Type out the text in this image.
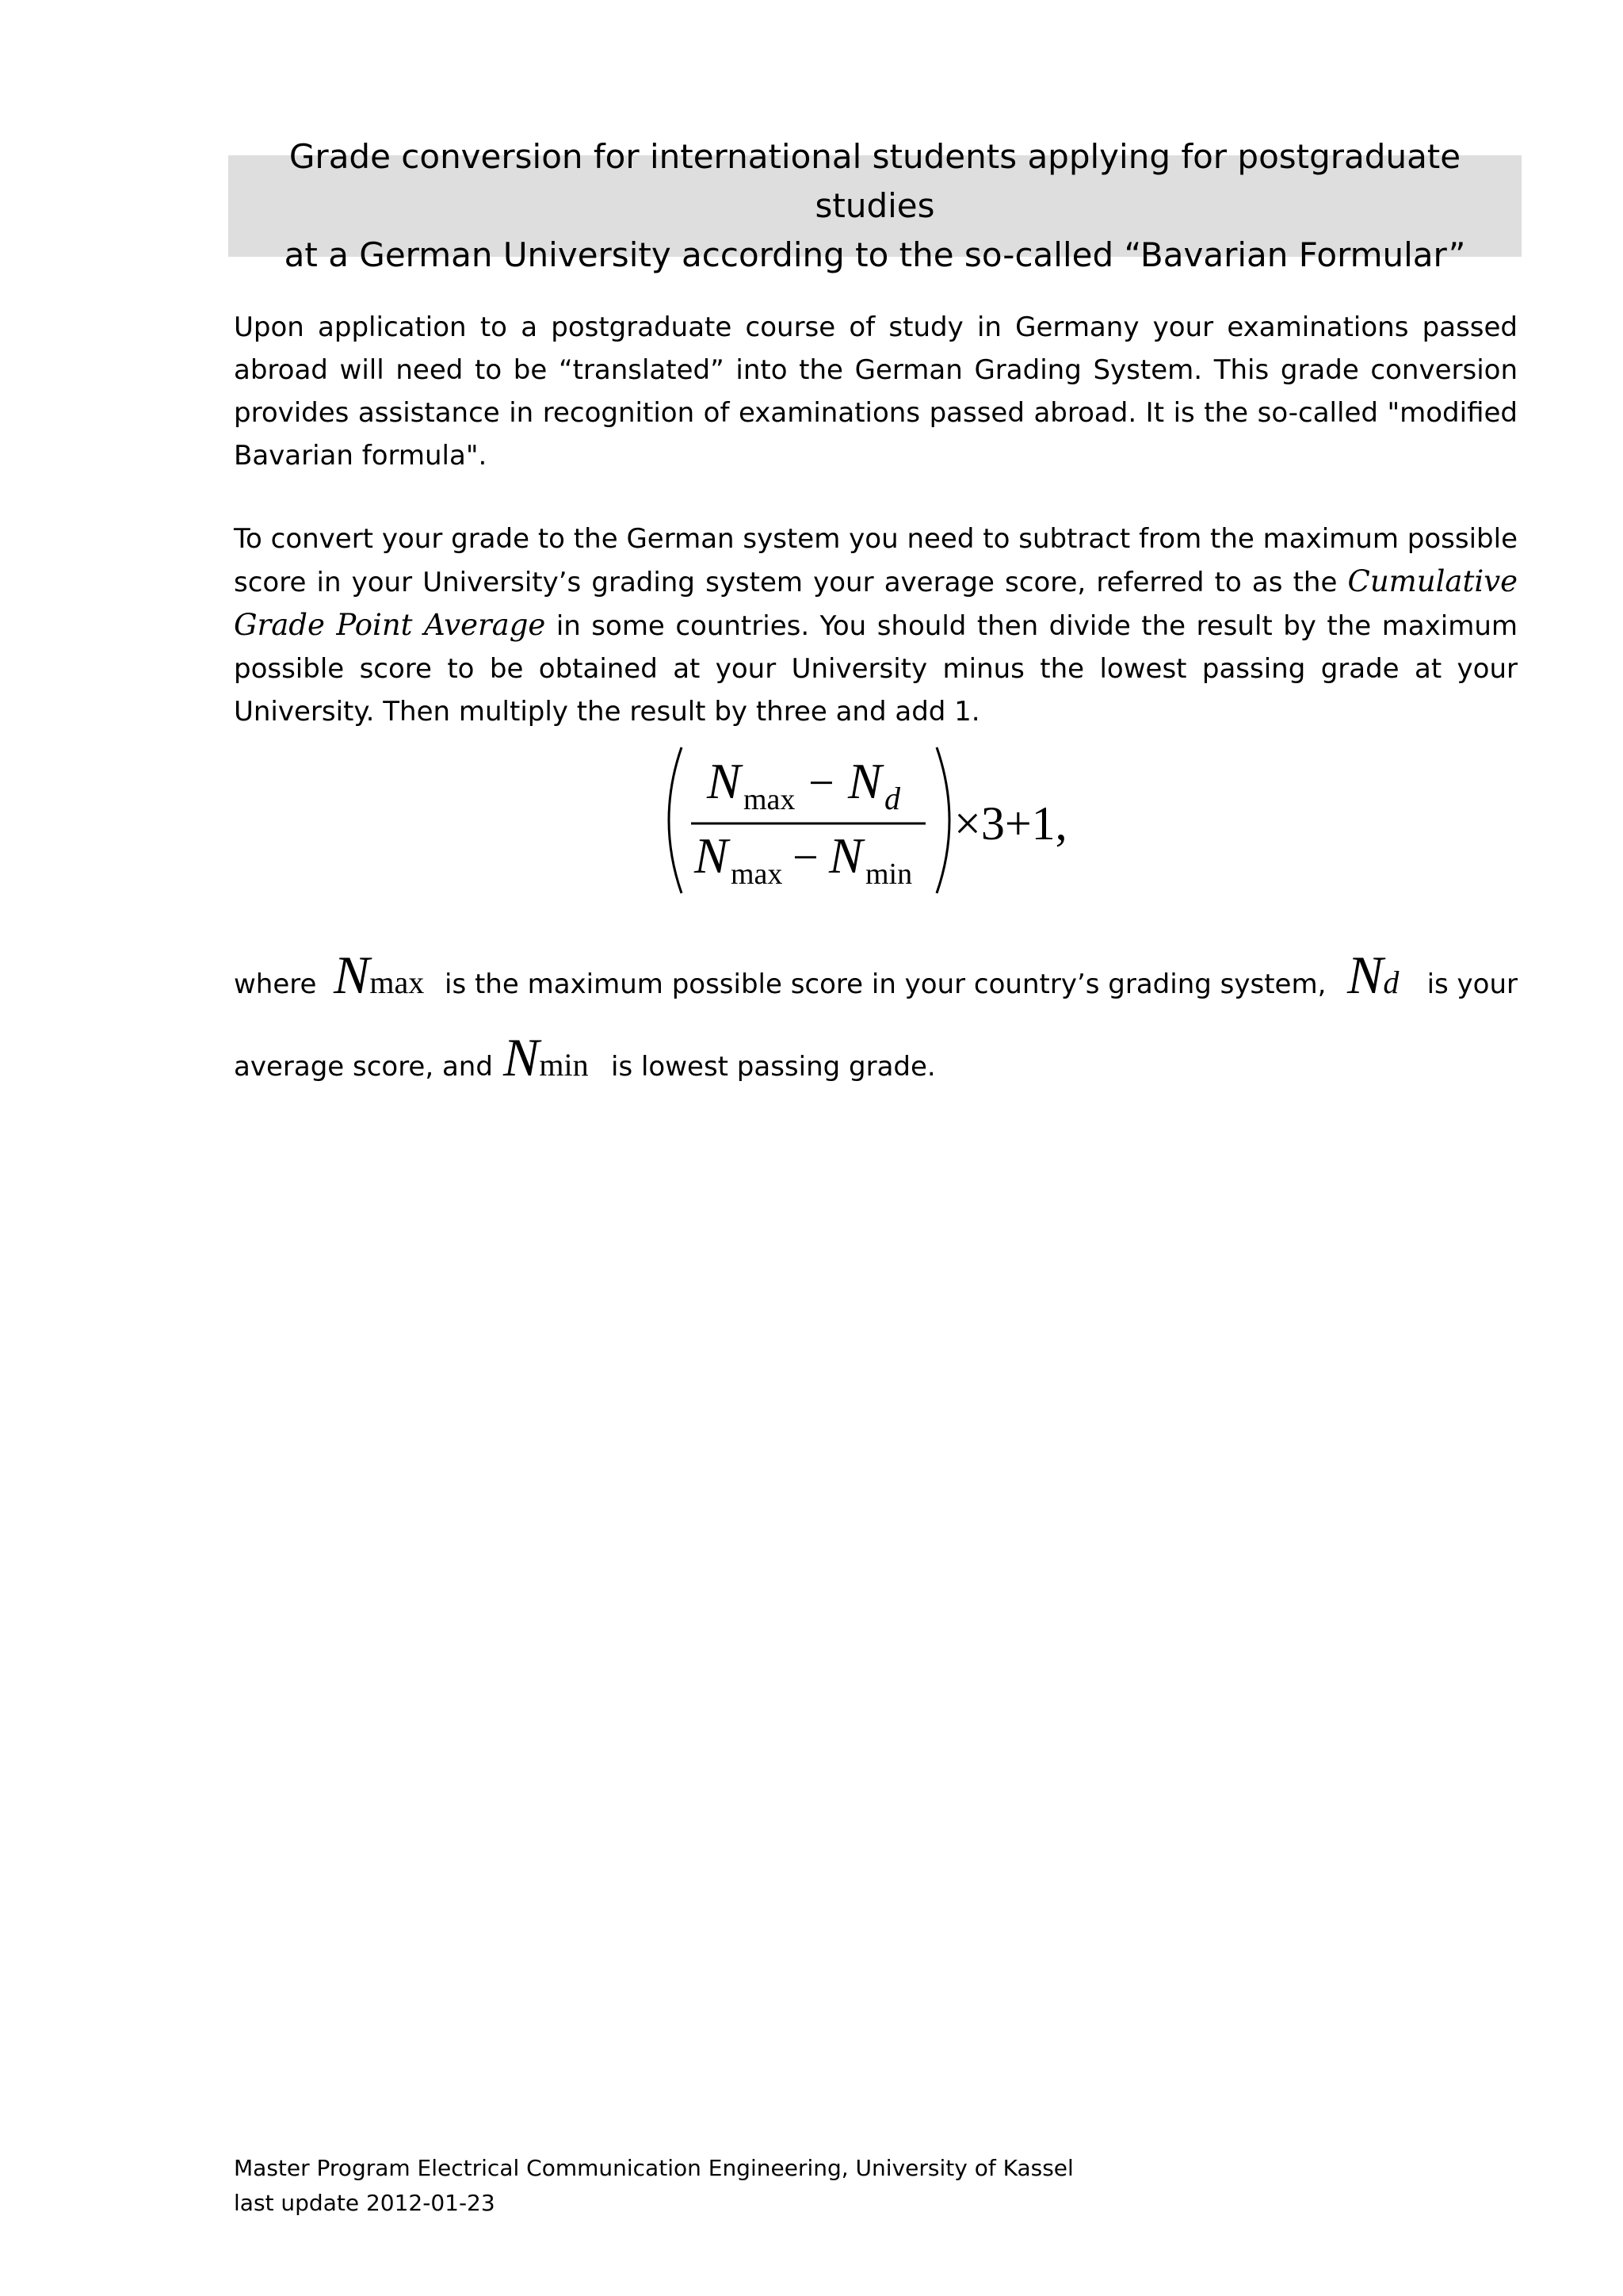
Grade conversion for international students applying for postgraduate studies
at a German University according to the so-called “Bavarian Formular”

Upon application to a postgraduate course of study in Germany your examinations passed abroad will need to be “translated” into the German Grading System. This grade conversion provides assistance in recognition of examinations passed abroad. It is the so-called "modified Bavarian formula".

To convert your grade to the German system you need to subtract from the maximum possible score in your University’s grading system your average score, referred to as the Cumulative Grade Point Average in some countries. You should then divide the result by the maximum possible score to be obtained at your University minus the lowest passing grade at your University. Then multiply the result by three and add 1.

N max − N d
N max − N min
×3+1,
where Nmax is the maximum possible score in your country’s grading system, Nd is your
average score, and Nmin is lowest passing grade.
Master Program Electrical Communication Engineering, University of Kassel
last update 2012-01-23
